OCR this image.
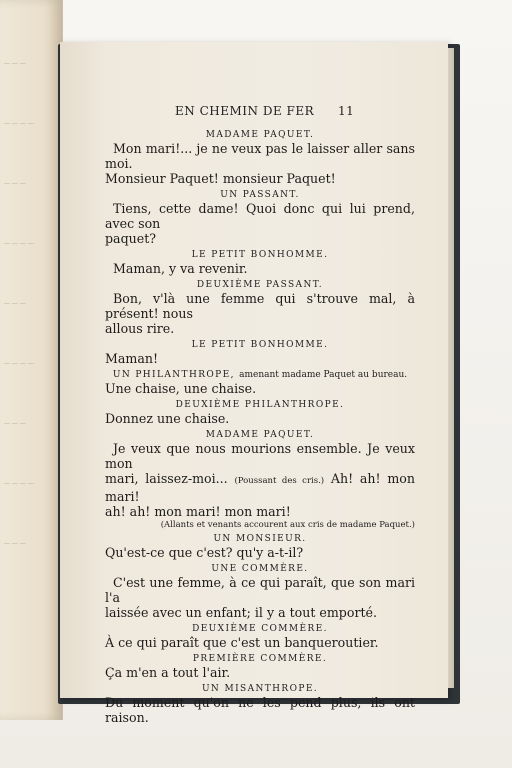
— — —
— — — —
— — —
— — — —
— — —
— — — —
— — —
— — — —
— — —
EN CHEMIN DE FER 11
MADAME PAQUET.

Mon mari!... je ne veux pas le laisser aller sans moi.

Monsieur Paquet! monsieur Paquet!

UN PASSANT.

Tiens, cette dame! Quoi donc qui lui prend, avec son

paquet?

LE PETIT BONHOMME.

Maman, y va revenir.

DEUXIÈME PASSANT.

Bon, v'là une femme qui s'trouve mal, à présent! nous

allous rire.

LE PETIT BONHOMME.

Maman!

UN PHILANTHROPE, amenant madame Paquet au bureau.

Une chaise, une chaise.

DEUXIÈME PHILANTHROPE.

Donnez une chaise.

MADAME PAQUET.

Je veux que nous mourions ensemble. Je veux mon

mari, laissez-moi... (Poussant des cris.) Ah! ah! mon mari!

ah! ah! mon mari! mon mari!

(Allants et venants accourent aux cris de madame Paquet.)
UN MONSIEUR.

Qu'est-ce que c'est? qu'y a-t-il?

UNE COMMÈRE.

C'est une femme, à ce qui paraît, que son mari l'a

laissée avec un enfant; il y a tout emporté.

DEUXIÈME COMMÈRE.

À ce qui paraît que c'est un banqueroutier.

PREMIÈRE COMMÈRE.

Ça m'en a tout l'air.

UN MISANTHROPE.

Du moment qu'on ne les pend plus, ils ont raison.
